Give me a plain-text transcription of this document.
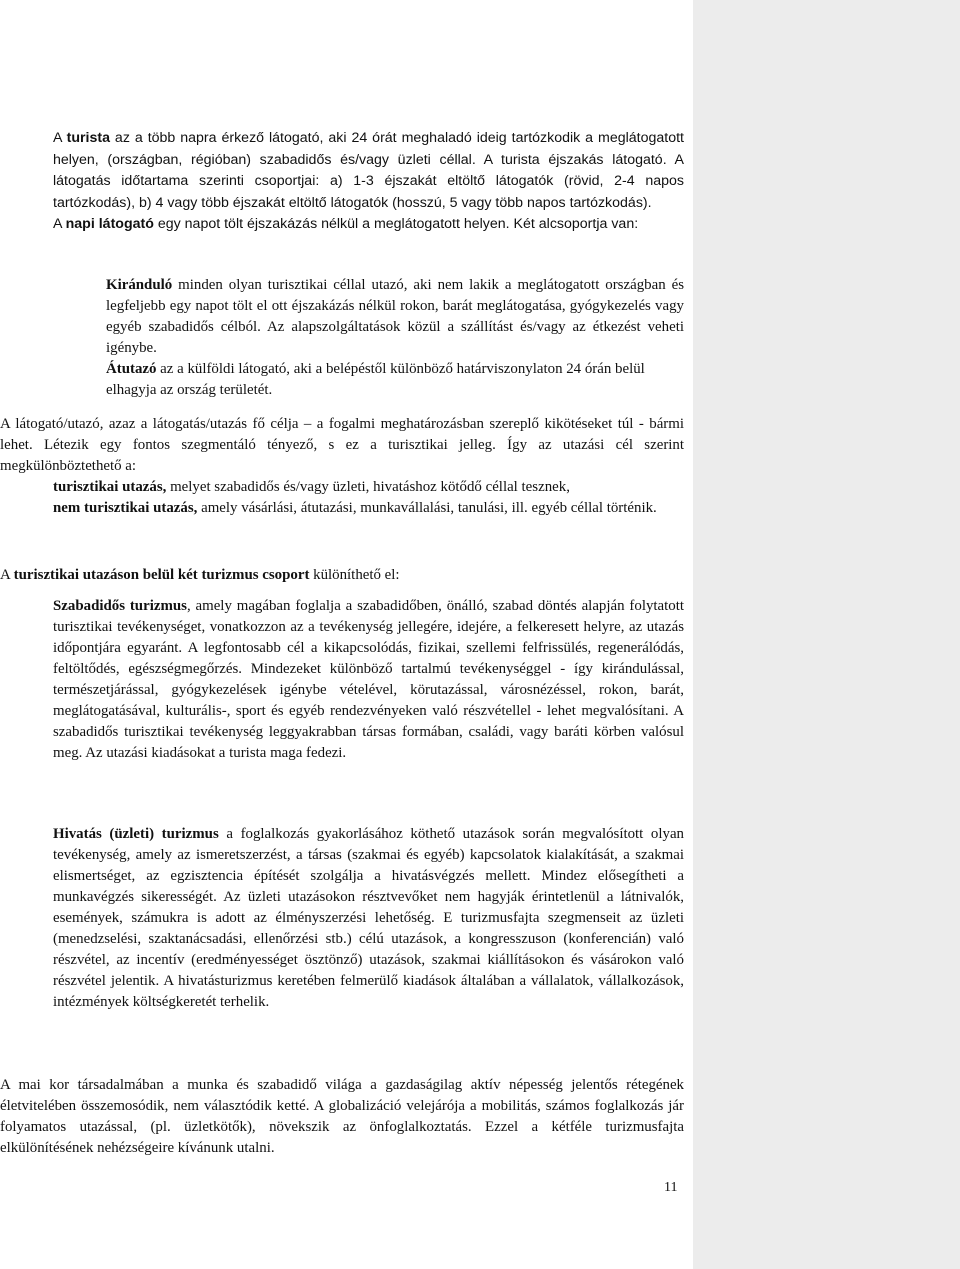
A turista az a több napra érkező látogató, aki 24 órát meghaladó ideig tartózkodik a meglátogatott helyen, (országban, régióban) szabadidős és/vagy üzleti céllal. A turista éjszakás látogató. A látogatás időtartama szerinti csoportjai: a) 1-3 éjszakát eltöltő látogatók (rövid, 2-4 napos tartózkodás), b) 4 vagy több éjszakát eltöltő látogatók (hosszú, 5 vagy több napos tartózkodás).

A napi látogató egy napot tölt éjszakázás nélkül a meglátogatott helyen. Két alcsoportja van:

Kiránduló minden olyan turisztikai céllal utazó, aki nem lakik a meglátogatott országban és legfeljebb egy napot tölt el ott éjszakázás nélkül rokon, barát meglátogatása, gyógykezelés vagy egyéb szabadidős célból. Az alapszolgáltatások közül a szállítást és/vagy az étkezést veheti igénybe.

Átutazó az a külföldi látogató, aki a belépéstől különböző határviszonylaton 24 órán belül elhagyja az ország területét.

A látogató/utazó, azaz a látogatás/utazás fő célja – a fogalmi meghatározásban szereplő kikötéseket túl - bármi lehet. Létezik egy fontos szegmentáló tényező, s ez a turisztikai jelleg. Így az utazási cél szerint megkülönböztethető a:

turisztikai utazás, melyet szabadidős és/vagy üzleti, hivatáshoz kötődő céllal tesznek,

nem turisztikai utazás, amely vásárlási, átutazási, munkavállalási, tanulási, ill. egyéb céllal történik.

A turisztikai utazáson belül két turizmus csoport különíthető el:

Szabadidős turizmus, amely magában foglalja a szabadidőben, önálló, szabad döntés alapján folytatott turisztikai tevékenységet, vonatkozzon az a tevékenység jellegére, idejére, a felkeresett helyre, az utazás időpontjára egyaránt. A legfontosabb cél a kikapcsolódás, fizikai, szellemi felfrissülés, regenerálódás, feltöltődés, egészségmegőrzés. Mindezeket különböző tartalmú tevékenységgel - így kirándulással, természetjárással, gyógykezelések igénybe vételével, körutazással, városnézéssel, rokon, barát, meglátogatásával, kulturális-, sport és egyéb rendezvényeken való részvétellel - lehet megvalósítani. A szabadidős turisztikai tevékenység leggyakrabban társas formában, családi, vagy baráti körben valósul meg. Az utazási kiadásokat a turista maga fedezi.

Hivatás (üzleti) turizmus a foglalkozás gyakorlásához köthető utazások során megvalósított olyan tevékenység, amely az ismeretszerzést, a társas (szakmai és egyéb) kapcsolatok kialakítását, a szakmai elismertséget, az egzisztencia építését szolgálja a hivatásvégzés mellett. Mindez elősegítheti a munkavégzés sikerességét. Az üzleti utazásokon résztvevőket nem hagyják érintetlenül a látnivalók, események, számukra is adott az élményszerzési lehetőség. E turizmusfajta szegmenseit az üzleti (menedzselési, szaktanácsadási, ellenőrzési stb.) célú utazások, a kongresszuson (konferencián) való részvétel, az incentív (eredményességet ösztönző) utazások, szakmai kiállításokon és vásárokon való részvétel jelentik. A hivatásturizmus keretében felmerülő kiadások általában a vállalatok, vállalkozások, intézmények költségkeretét terhelik.

A mai kor társadalmában a munka és szabadidő világa a gazdaságilag aktív népesség jelentős rétegének életvitelében összemosódik, nem választódik ketté. A globalizáció velejárója a mobilitás, számos foglalkozás jár folyamatos utazással, (pl. üzletkötők), növekszik az önfoglalkoztatás. Ezzel a kétféle turizmusfajta elkülönítésének nehézségeire kívánunk utalni.

11
